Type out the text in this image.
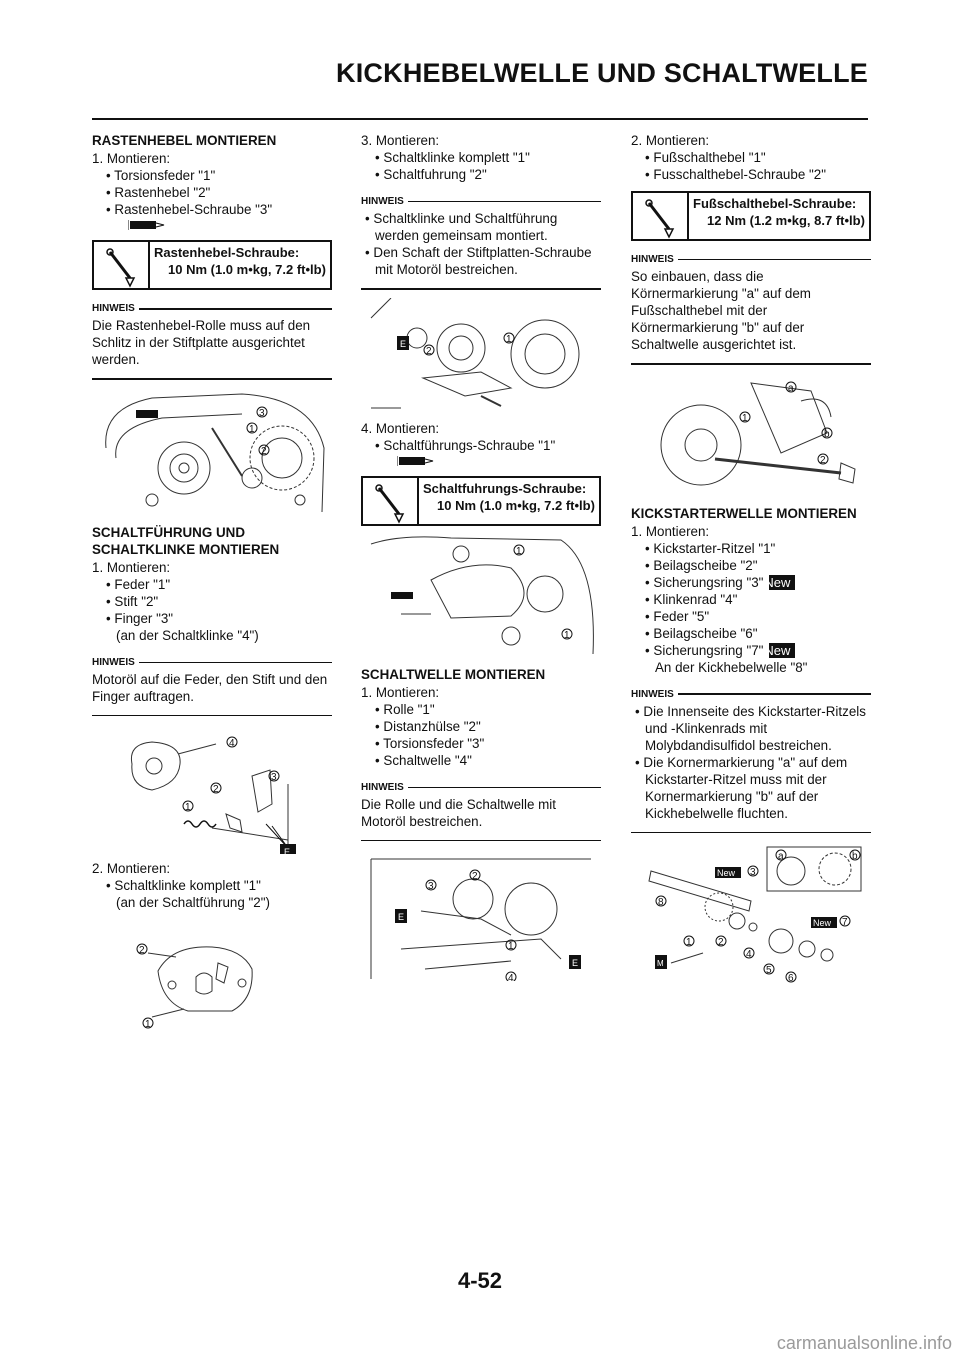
KICKHEBELWELLE UND SCHALTWELLE

RASTENHEBEL MONTIEREN

1. Montieren:

• Torsionsfeder "1"

• Rastenhebel "2"

• Rastenhebel-Schraube "3"

Rastenhebel-Schraube:
10 Nm (1.0 m•kg, 7.2 ft•lb)
HINWEIS

Die Rastenhebel-Rolle muss auf den Schlitz in der Stiftplatte ausgerichtet werden.

3
1
2

SCHALTFÜHRUNG UND SCHALTKLINKE MONTIEREN

1. Montieren:

• Feder "1"

• Stift "2"

• Finger "3"

(an der Schaltklinke "4")

HINWEIS

Motoröl auf die Feder, den Stift und den Finger auftragen.

4
2
3
1
E

2. Montieren:

• Schaltklinke komplett "1"

(an der Schaltführung "2")

2
1

3. Montieren:

• Schaltklinke komplett "1"

• Schaltfuhrung "2"

HINWEIS

• Schaltklinke und Schaltführung werden gemeinsam montiert.

• Den Schaft der Stiftplatten-Schraube mit Motoröl bestreichen.

E
2
1

4. Montieren:

• Schaltführungs-Schraube "1"

Schaltfuhrungs-Schraube:
10 Nm (1.0 m•kg, 7.2 ft•lb)
1
1

SCHALTWELLE MONTIEREN

1. Montieren:

• Rolle "1"

• Distanzhülse "2"

• Torsionsfeder "3"

• Schaltwelle "4"

HINWEIS

Die Rolle und die Schaltwelle mit Motoröl bestreichen.

E
E
3
2
1
4

2. Montieren:

• Fußschalthebel "1"

• Fusschalthebel-Schraube "2"

Fußschalthebel-Schraube:
12 Nm (1.2 m•kg, 8.7 ft•lb)
HINWEIS

So einbauen, dass die Körnermarkierung "a" auf dem Fußschalthebel mit der Körnermarkierung "b" auf der Schaltwelle ausgerichtet ist.

a
b
1
2

KICKSTARTERWELLE MONTIEREN

1. Montieren:

• Kickstarter-Ritzel "1"

• Beilagscheibe "2"

• Sicherungsring "3"New

• Klinkenrad "4"

• Feder "5"

• Beilagscheibe "6"

• Sicherungsring "7"New

An der Kickhebelwelle "8"

HINWEIS

• Die Innenseite des Kickstarter-Ritzels und -Klinkenrads mit Molybdandisulfidol bestreichen.

• Die Kornermarkierung "a" auf dem Kickstarter-Ritzel muss mit der Kornermarkierung "b" auf der Kickhebelwelle fluchten.

New
New
M
a	b
3
8
1	2
4
5
6
7
4-52
carmanualsonline.info
